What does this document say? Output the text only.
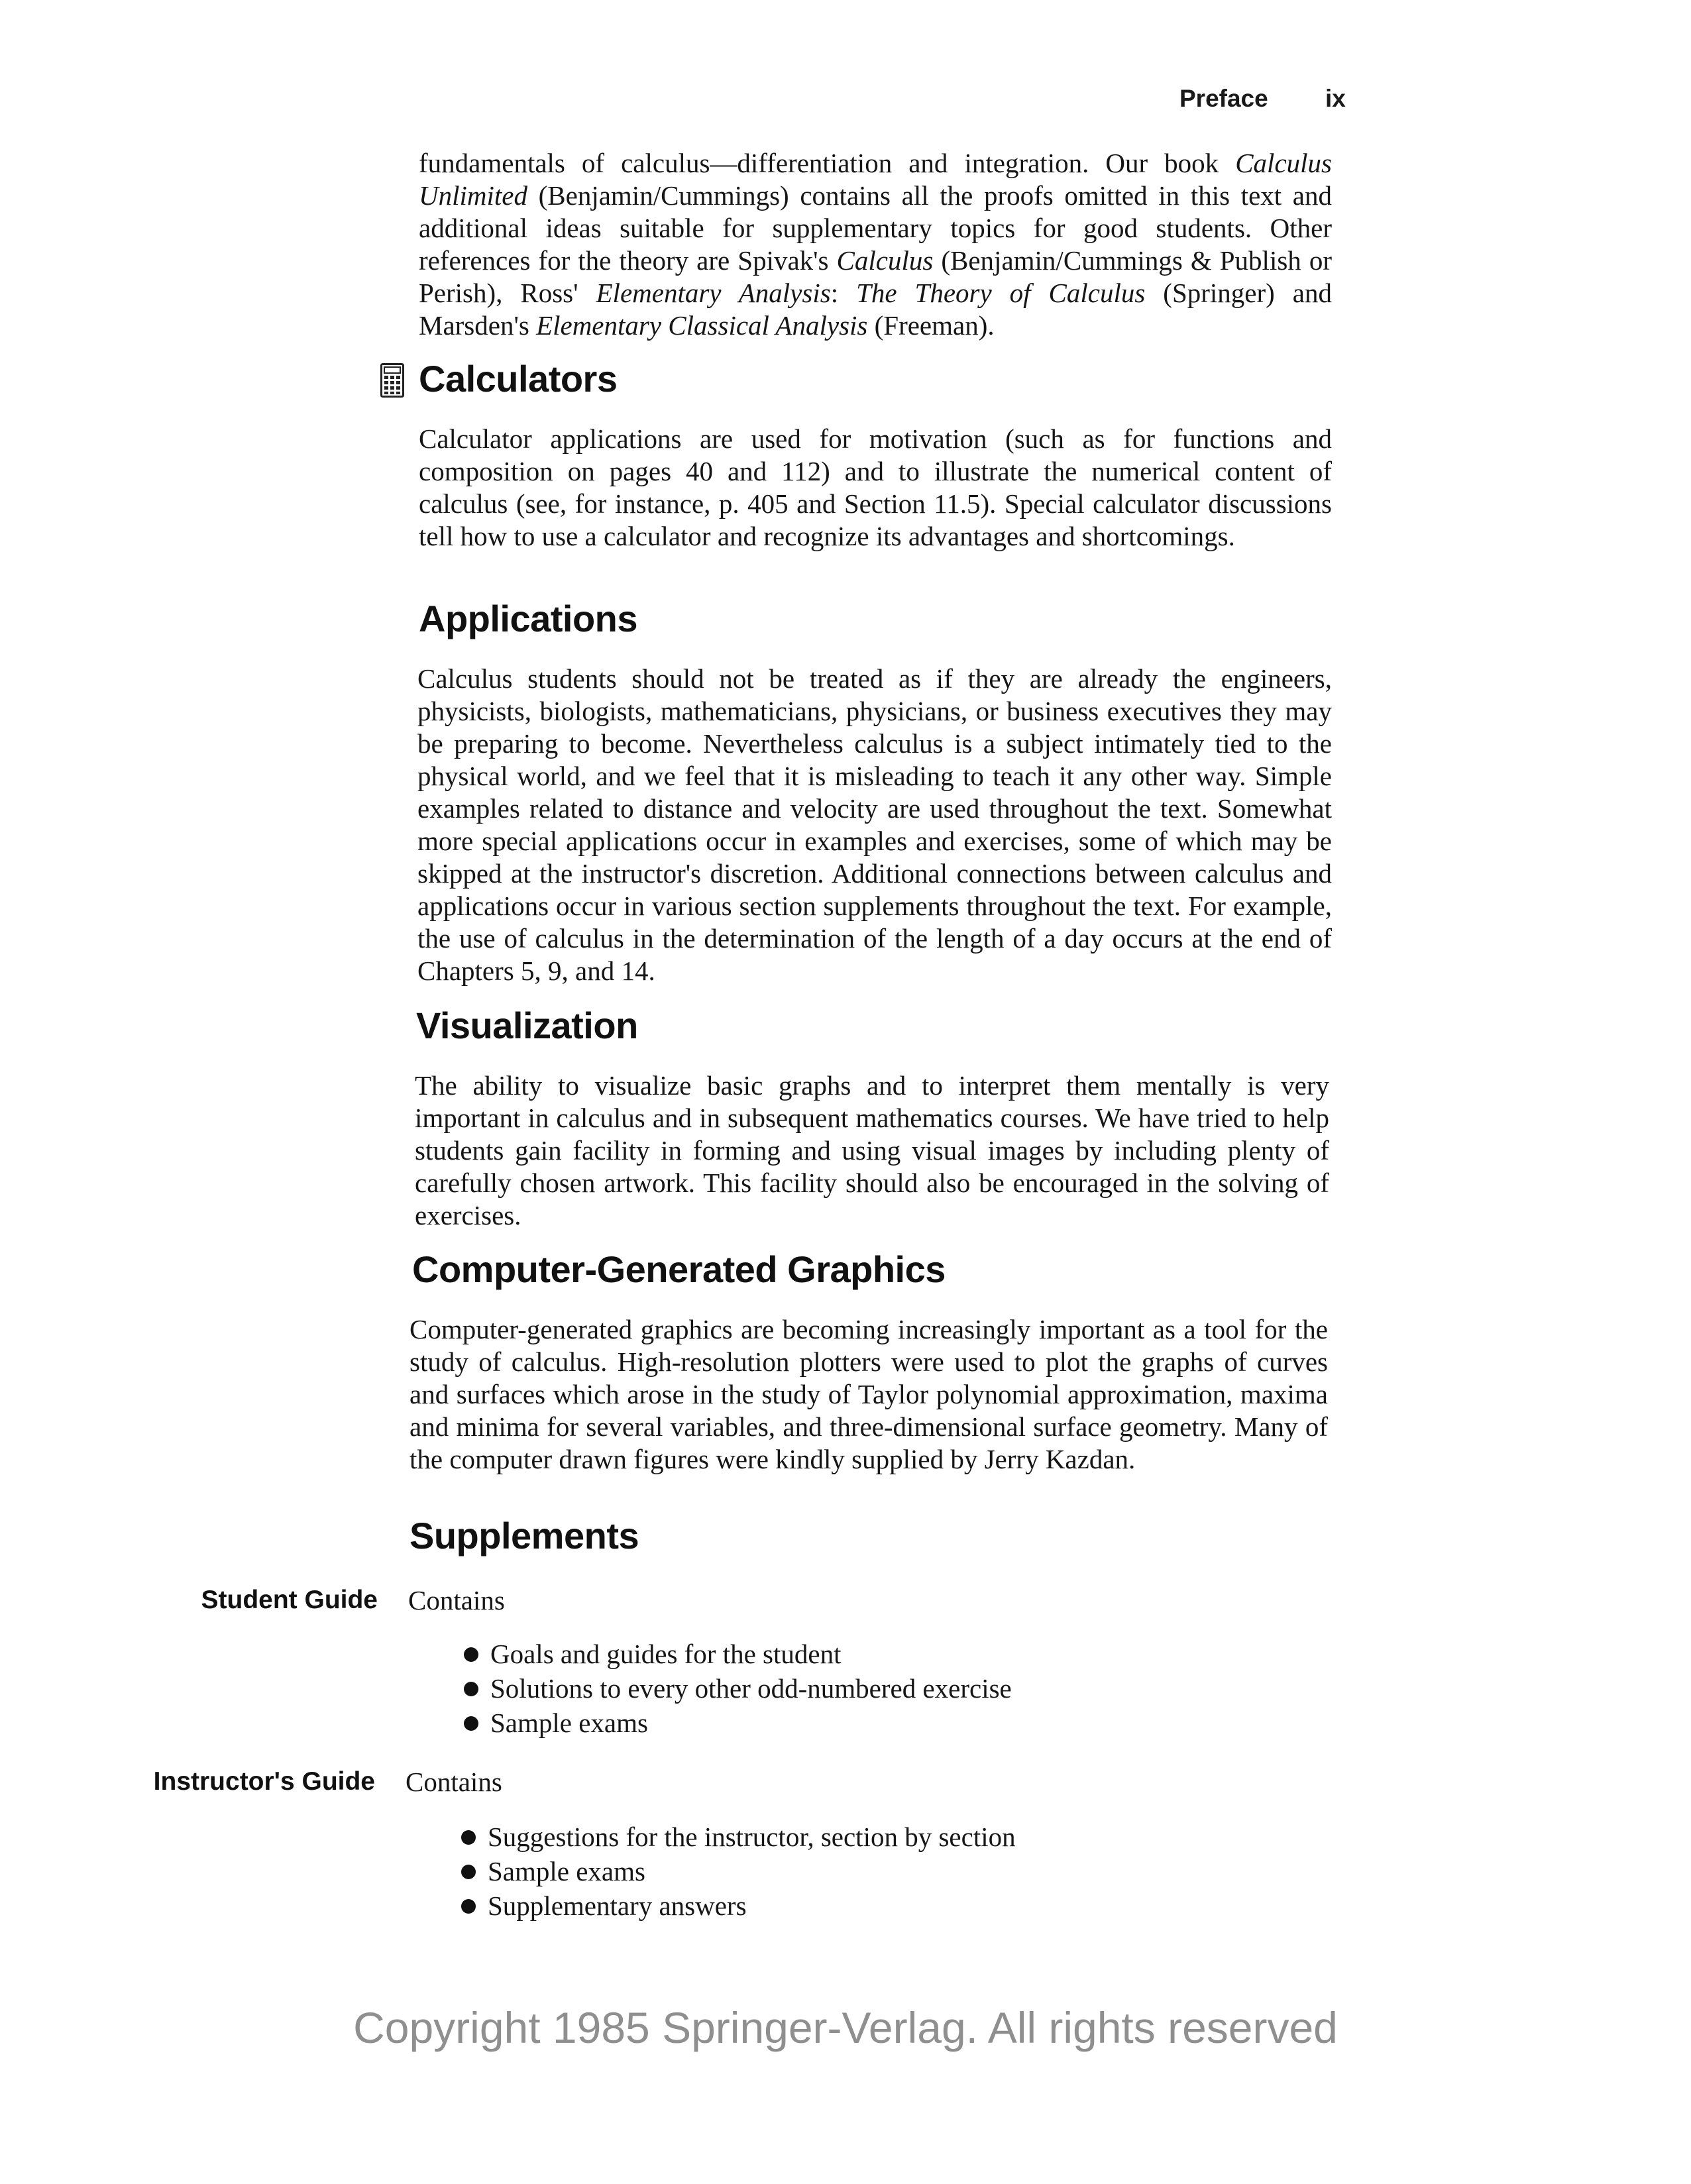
Preface ix

fundamentals of calculus—differentiation and integration. Our book Calculus Unlimited (Benjamin/Cummings) contains all the proofs omitted in this text and additional ideas suitable for supplementary topics for good students. Other references for the theory are Spivak's Calculus (Benjamin/Cummings & Publish or Perish), Ross' Elementary Analysis: The Theory of Calculus (Springer) and Marsden's Elementary Classical Analysis (Freeman).

Calculators

Calculator applications are used for motivation (such as for functions and composition on pages 40 and 112) and to illustrate the numerical content of calculus (see, for instance, p. 405 and Section 11.5). Special calculator discussions tell how to use a calculator and recognize its advantages and shortcomings.

Applications

Calculus students should not be treated as if they are already the engineers, physicists, biologists, mathematicians, physicians, or business executives they may be preparing to become. Nevertheless calculus is a subject intimately tied to the physical world, and we feel that it is misleading to teach it any other way. Simple examples related to distance and velocity are used throughout the text. Somewhat more special applications occur in examples and exercises, some of which may be skipped at the instructor's discretion. Additional connections between calculus and applications occur in various section supplements throughout the text. For example, the use of calculus in the determination of the length of a day occurs at the end of Chapters 5, 9, and 14.

Visualization

The ability to visualize basic graphs and to interpret them mentally is very important in calculus and in subsequent mathematics courses. We have tried to help students gain facility in forming and using visual images by including plenty of carefully chosen artwork. This facility should also be encouraged in the solving of exercises.

Computer-Generated Graphics

Computer-generated graphics are becoming increasingly important as a tool for the study of calculus. High-resolution plotters were used to plot the graphs of curves and surfaces which arose in the study of Taylor polynomial approximation, maxima and minima for several variables, and three-dimensional surface geometry. Many of the computer drawn figures were kindly supplied by Jerry Kazdan.

Supplements
Student Guide Contains
Goals and guides for the student
Solutions to every other odd-numbered exercise
Sample exams
Instructor's Guide Contains
Suggestions for the instructor, section by section
Sample exams
Supplementary answers
Copyright 1985 Springer-Verlag. All rights reserved
